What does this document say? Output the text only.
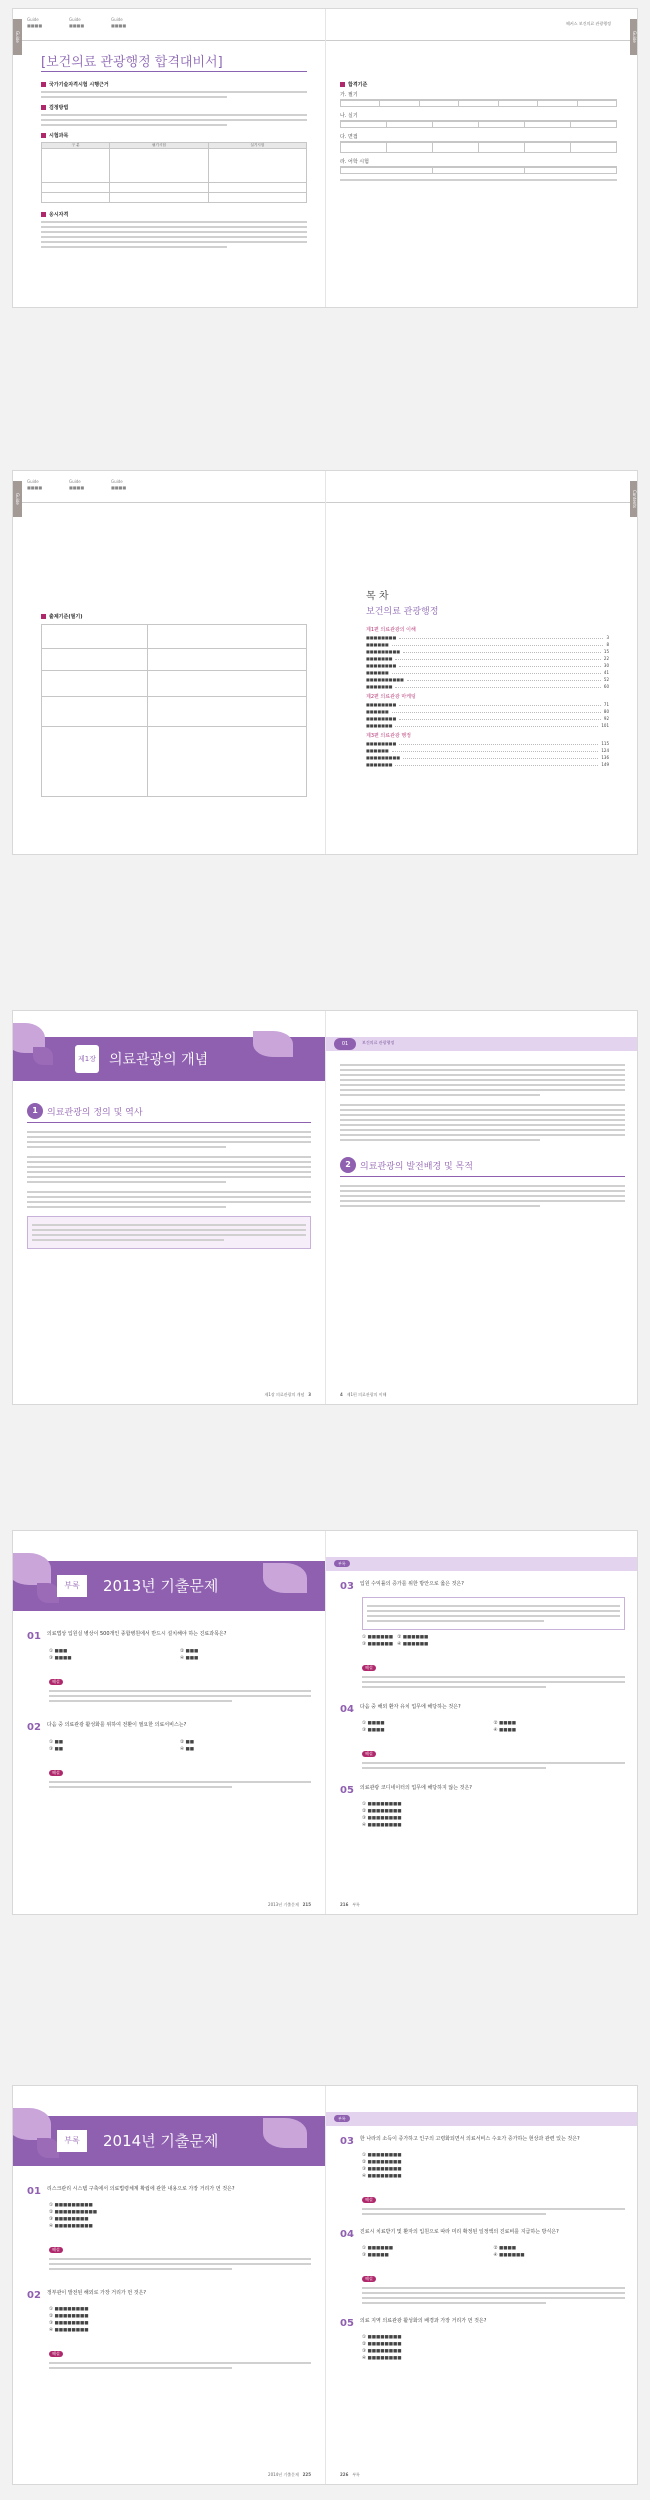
Guide
■■■■
Guide
■■■■
Guide
■■■■
Guide
[보건의료 관광행정 합격대비서]
국가기술자격시험 시행근거
검정방법
시험과목
구 분	필기시험	실기시험

응시자격
해커스 보건의료 관광행정
Guide
합격기준
가. 필기

나. 실기

다. 면접

라. 어학 시험

Guide
■■■■
Guide
■■■■
Guide
■■■■
Guide
출제기준(필기)

Contents
목 차
보건의료 관광행정
제1편 의료관광의 이해
■■■■■■■■	3
■■■■■■	8
■■■■■■■■■	15
■■■■■■■	22
■■■■■■■■	30
■■■■■■	41
■■■■■■■■■■	52
■■■■■■■	60
제2편 의료관광 마케팅
■■■■■■■■	71
■■■■■■	80
■■■■■■■■	92
■■■■■■■	101
제3편 의료관광 행정
■■■■■■■■	115
■■■■■■	124
■■■■■■■■■	136
■■■■■■■	149
제1장 의료관광의 개념
1	의료관광의 정의 및 역사
제1장 의료관광의 개념 3
01	보건의료 관광행정
2	의료관광의 발전배경 및 목적
4 제1편 의료관광의 이해
부록	2013년 기출문제
01 의료법상 입원실 병상이 500개인 종합병원에서 반드시 설치해야 하는 진료과목은?
① ■■■	② ■■■
③ ■■■■	④ ■■■
해설
02 다음 중 의료관광 활성화를 위하여 전환이 필요한 의료서비스는?
① ■■	② ■■
③ ■■	④ ■■
해설
2013년 기출문제 215
부록
03 입원 수익률의 증가를 위한 방안으로 옳은 것은?
① ■■■■■■   ② ■■■■■■
③ ■■■■■■   ④ ■■■■■■
해설
04 다음 중 해외 환자 유치 업무에 해당하는 것은?
① ■■■■	② ■■■■
③ ■■■■	④ ■■■■
해설
05 의료관광 코디네이터의 업무에 해당하지 않는 것은?
① ■■■■■■■■
② ■■■■■■■■
③ ■■■■■■■■
④ ■■■■■■■■
216 부록
부록	2014년 기출문제
01 리스크관리 시스템 구축에서 의료법령체계 확립에 관한 내용으로 가장 거리가 먼 것은?
① ■■■■■■■■■
② ■■■■■■■■■■
③ ■■■■■■■■
④ ■■■■■■■■■
해설
02 정부관이 발전된 해외로 가장 거리가 먼 것은?
① ■■■■■■■■
② ■■■■■■■■
③ ■■■■■■■■
④ ■■■■■■■■
해설
2014년 기출문제 225
부록
03 한 나라의 소득이 증가하고 인구의 고령화되면서 의료서비스 수요가 증가하는 현상과 관련 있는 것은?
① ■■■■■■■■
② ■■■■■■■■
③ ■■■■■■■■
④ ■■■■■■■■
해설
04 진료시 치료받기 및 환자의 입원으로 따라 미리 확정된 일정액의 진료비를 지급하는 방식은?
① ■■■■■■	② ■■■■
③ ■■■■■	④ ■■■■■■
해설
05 의료 지역 의료관광 활성화의 배경과 가장 거리가 먼 것은?
① ■■■■■■■■
② ■■■■■■■■
③ ■■■■■■■■
④ ■■■■■■■■
226 부록
